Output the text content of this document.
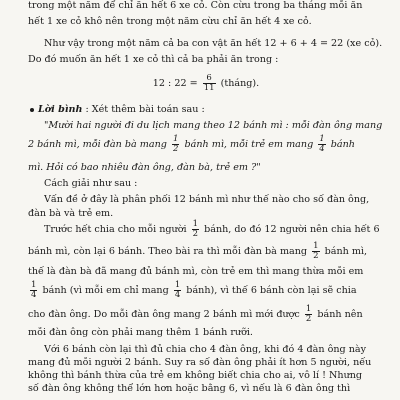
trong một năm để chỉ ăn hết 6 xe cỏ. Còn cừu trong ba tháng mỗi ăn
hết 1 xe cỏ khô nên trong một năm cừu chỉ ăn hết 4 xe cỏ.
Như vậy trong một năm cả ba con vật ăn hết 12 + 6 + 4 = 22 (xe cỏ).
Do đó muốn ăn hết 1 xe cỏ thì cả ba phải ăn trong :
12 : $22 = \frac{6}{11}$ (tháng).
Lời bình : Xét thêm bài toán sau :
"Mười hai người đi du lịch mang theo 12 bánh mì : mỗi đàn ông mang
2 bánh mì, mỗi đàn bà mang $\frac{1}{2}$ bánh mì, mỗi trẻ em mang $\frac{1}{4}$ bánh
mì. Hỏi có bao nhiêu đàn ông, đàn bà, trẻ em ?"
Cách giải như sau :
Vấn đề ở đây là phân phối 12 bánh mì như thế nào cho số đàn ông,
đàn bà và trẻ em.
Trước hết chia cho mỗi người $\frac{1}{2}$ bánh, do đó 12 người nên chia hết 6
bánh mì, còn lại 6 bánh. Theo bài ra thì mỗi đàn bà mang $\frac{1}{2}$ bánh mì,
thế là đàn bà đã mang đủ bánh mì, còn trẻ em thì mang thừa mỗi em
$\frac{1}{4}$ bánh (vì mỗi em chỉ mang $\frac{1}{4}$ bánh), vì thế 6 bánh còn lại sẽ chia
cho đàn ông. Do mỗi đàn ông mang 2 bánh mì mới được $\frac{1}{2}$ bánh nên
mỗi đàn ông còn phải mang thêm 1 bánh rưỡi.
Với 6 bánh còn lại thì đủ chia cho 4 đàn ông, khi đó 4 đàn ông này
mang đủ mỗi người 2 bánh. Suy ra số đàn ông phải ít hơn 5 người, nếu
không thì bánh thừa của trẻ em không biết chia cho ai, vô lí ! Nhưng
số đàn ông không thể lớn hơn hoặc bằng 6, vì nếu là 6 đàn ông thì
